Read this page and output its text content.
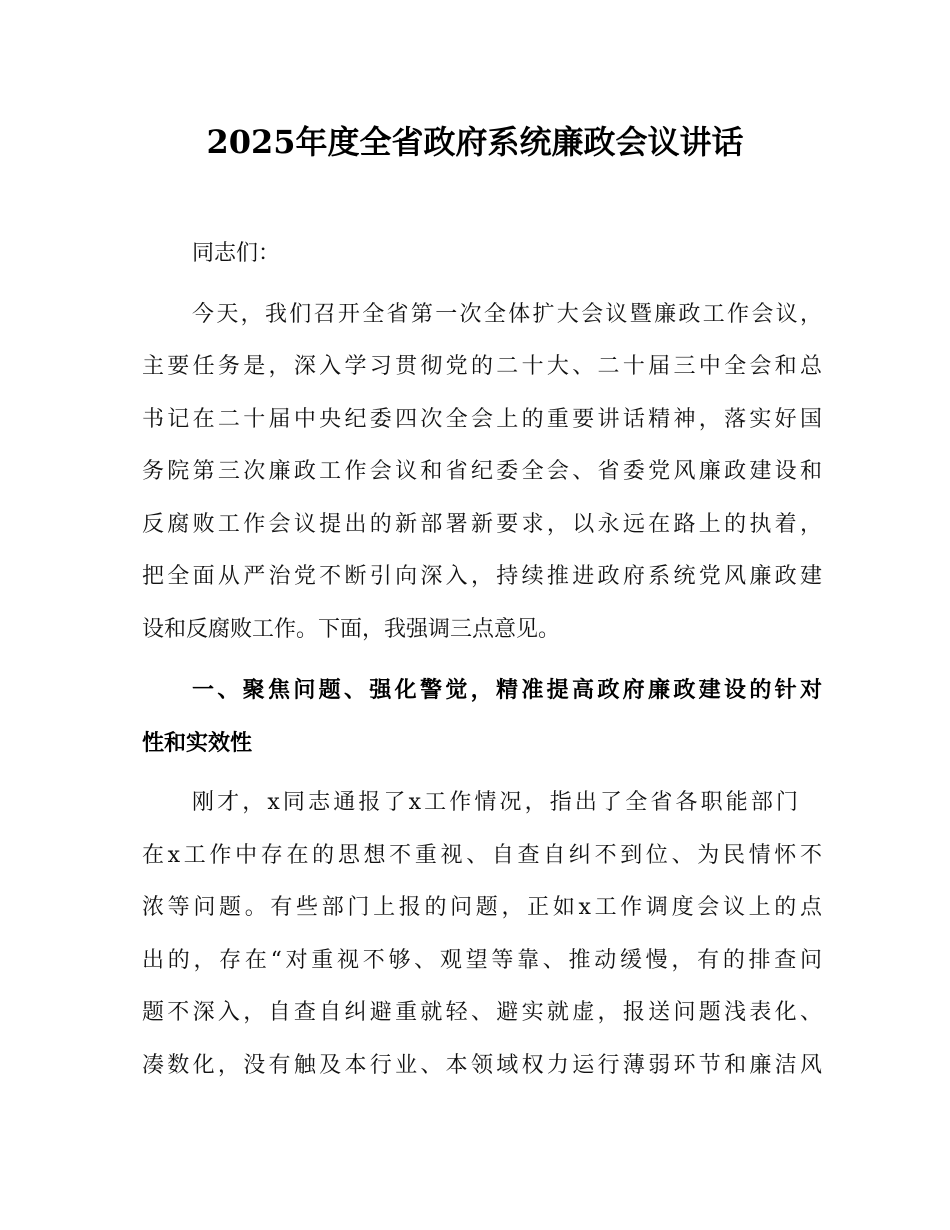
2025年度全省政府系统廉政会议讲话

同志们：

今天，我们召开全省第一次全体扩大会议暨廉政工作会议，
主要任务是，深入学习贯彻党的二十大、二十届三中全会和总
书记在二十届中央纪委四次全会上的重要讲话精神，落实好国
务院第三次廉政工作会议和省纪委全会、省委党风廉政建设和
反腐败工作会议提出的新部署新要求，以永远在路上的执着，
把全面从严治党不断引向深入，持续推进政府系统党风廉政建
设和反腐败工作。下面，我强调三点意见。

一、聚焦问题、强化警觉，精准提高政府廉政建设的针对
性和实效性

刚才，x同志通报了x工作情况，指出了全省各职能部门
在x工作中存在的思想不重视、自查自纠不到位、为民情怀不
浓等问题。有些部门上报的问题，正如x工作调度会议上的点
出的，存在“对重视不够、观望等靠、推动缓慢，有的排查问
题不深入，自查自纠避重就轻、避实就虚，报送问题浅表化、
凑数化，没有触及本行业、本领域权力运行薄弱环节和廉洁风
